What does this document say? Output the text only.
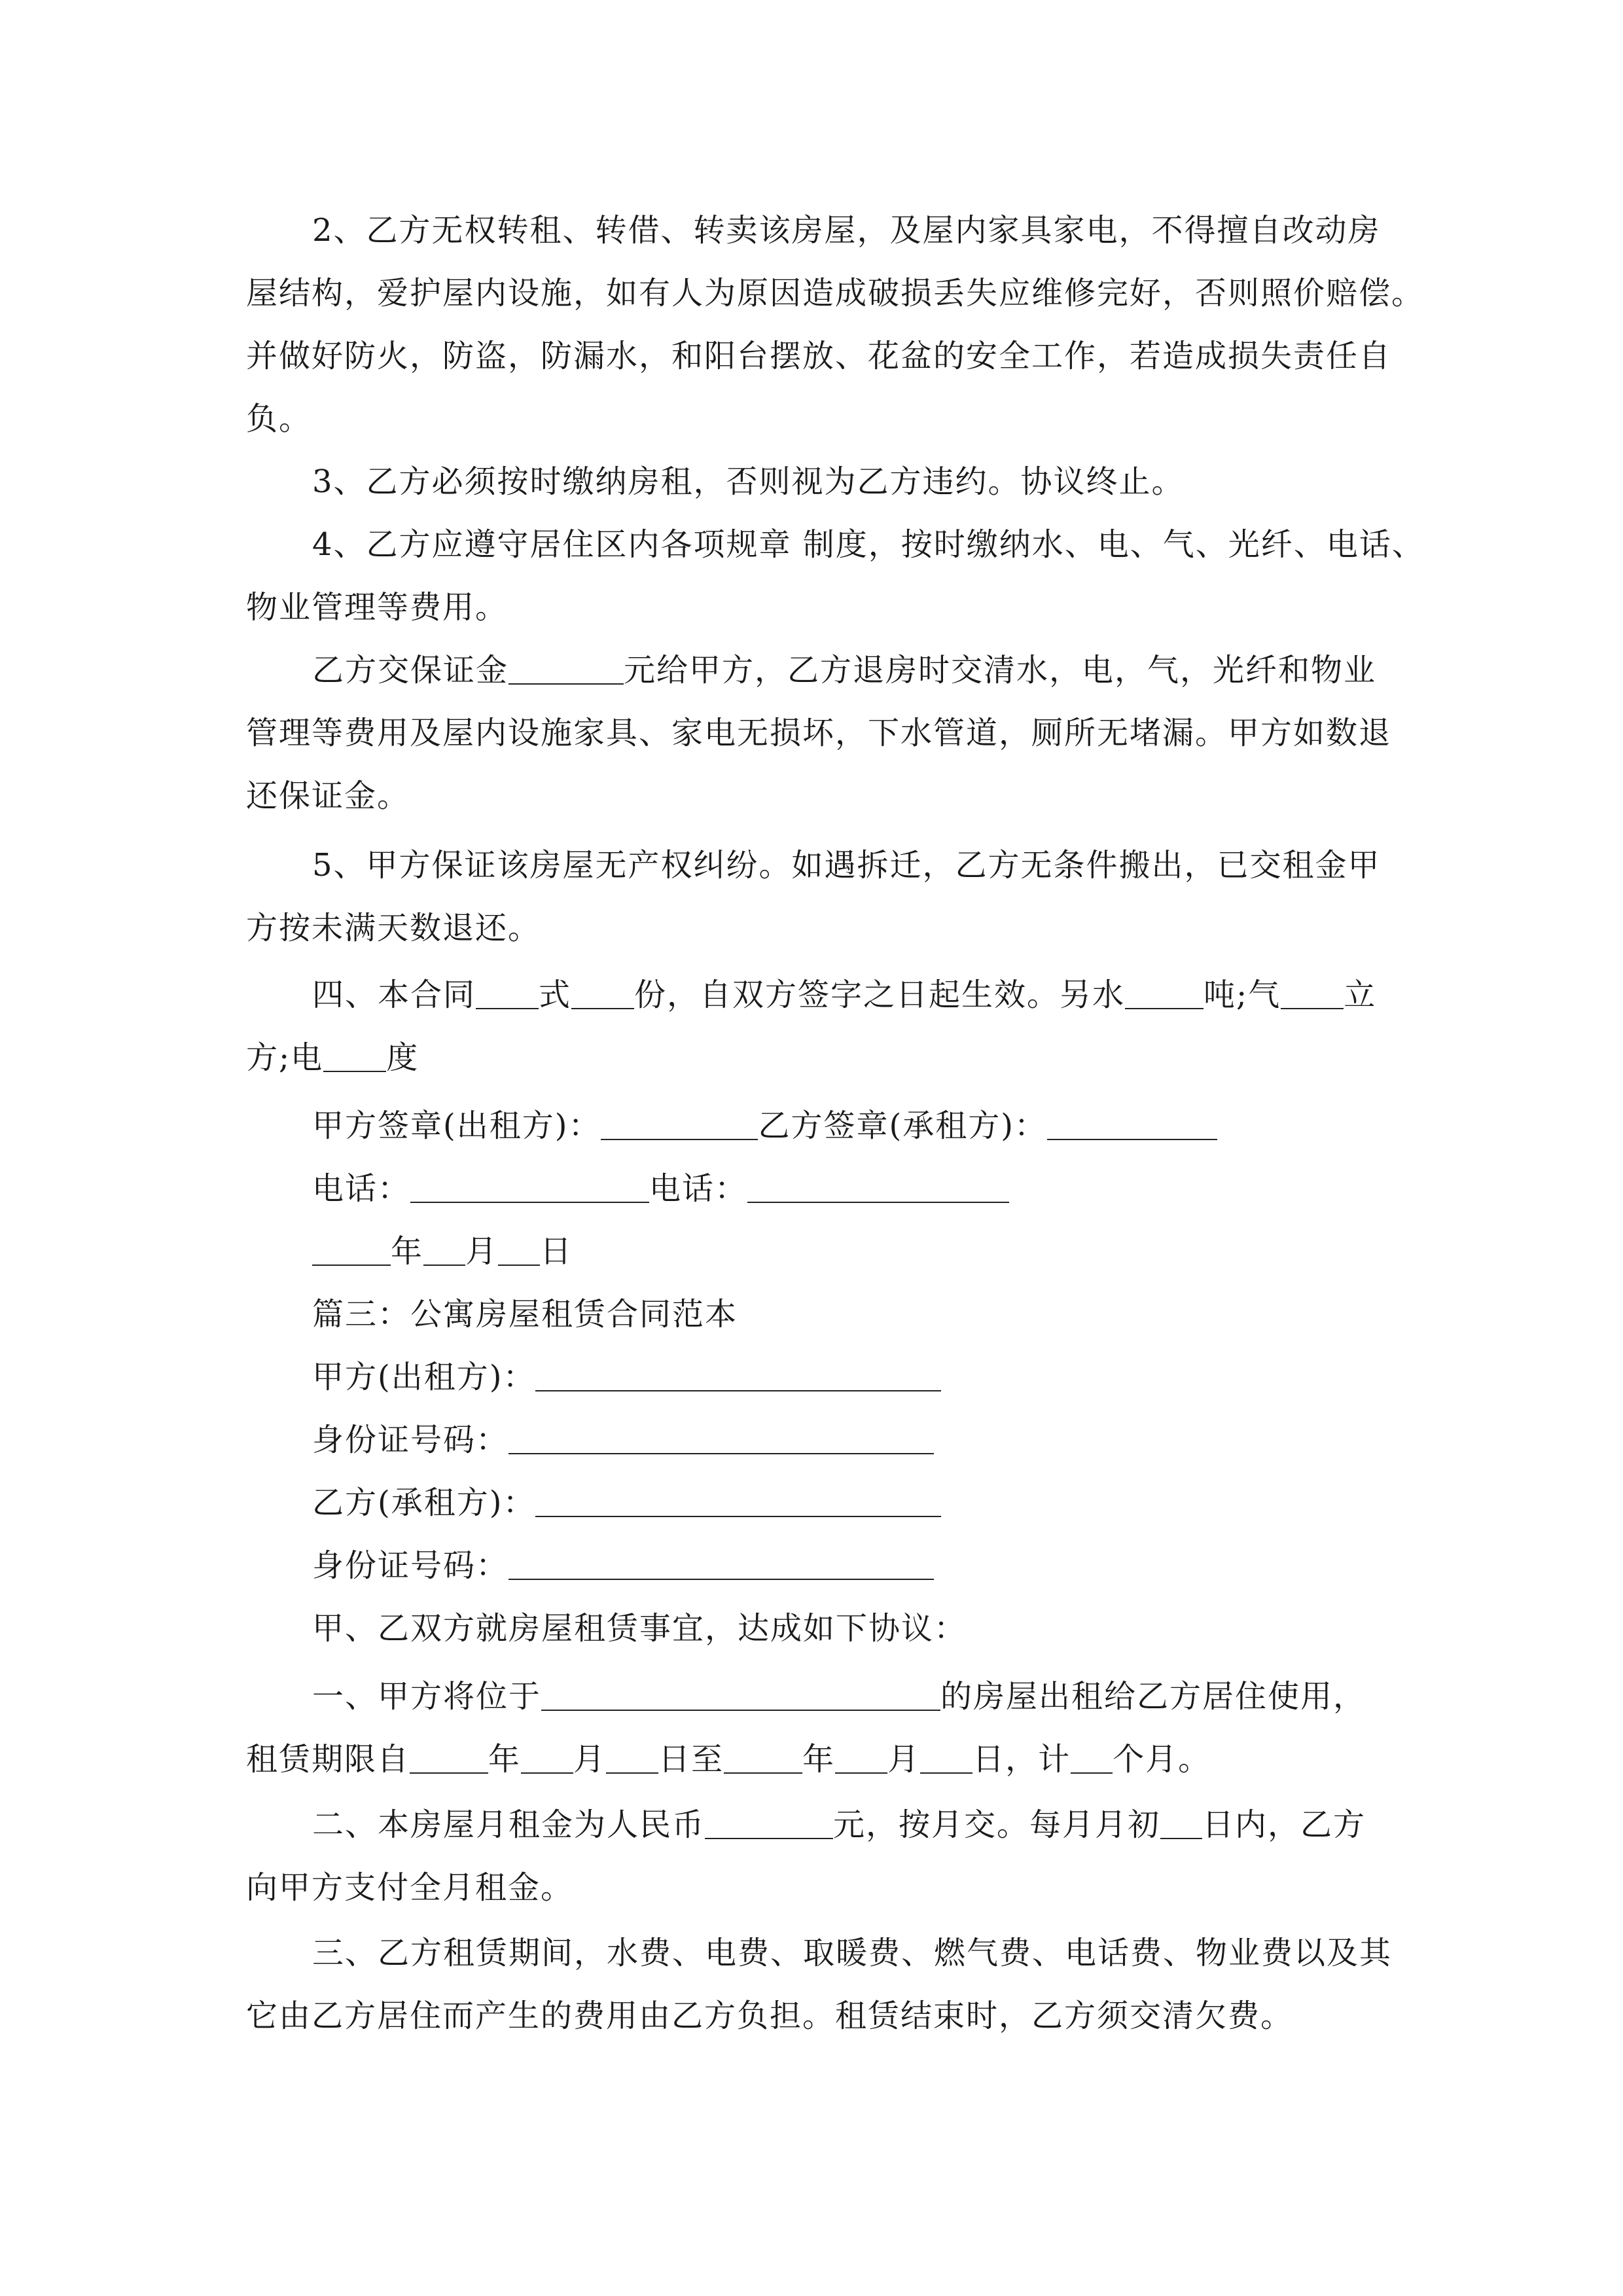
2、乙方无权转租、转借、转卖该房屋，及屋内家具家电，不得擅自改动房
屋结构，爱护屋内设施，如有人为原因造成破损丢失应维修完好，否则照价赔偿。
并做好防火，防盗，防漏水，和阳台摆放、花盆的安全工作，若造成损失责任自
负。
3、乙方必须按时缴纳房租，否则视为乙方违约。协议终止。
4、乙方应遵守居住区内各项规章 制度，按时缴纳水、电、气、光纤、电话、
物业管理等费用。
乙方交保证金	元给甲方，乙方退房时交清水，电，气，光纤和物业
管理等费用及屋内设施家具、家电无损坏，下水管道，厕所无堵漏。甲方如数退
还保证金。
5、甲方保证该房屋无产权纠纷。如遇拆迁，乙方无条件搬出，已交租金甲
方按未满天数退还。
四、本合同 式 份，自双方签字之日起生效。另水	吨;气 立
方;电 度
甲方签章(出租方)：	乙方签章(承租方)：
电话：	电话：
年 月 日
篇三：公寓房屋租赁合同范本
甲方(出租方)：
身份证号码：
乙方(承租方)：
身份证号码：
甲、乙双方就房屋租赁事宜，达成如下协议：
一、甲方将位于	的房屋出租给乙方居住使用，
租赁期限自	年 月 日至	年 月 日，计 个月。
二、本房屋月租金为人民币	元，按月交。每月月初 日内，乙方
向甲方支付全月租金。
三、乙方租赁期间，水费、电费、取暖费、燃气费、电话费、物业费以及其
它由乙方居住而产生的费用由乙方负担。租赁结束时，乙方须交清欠费。
